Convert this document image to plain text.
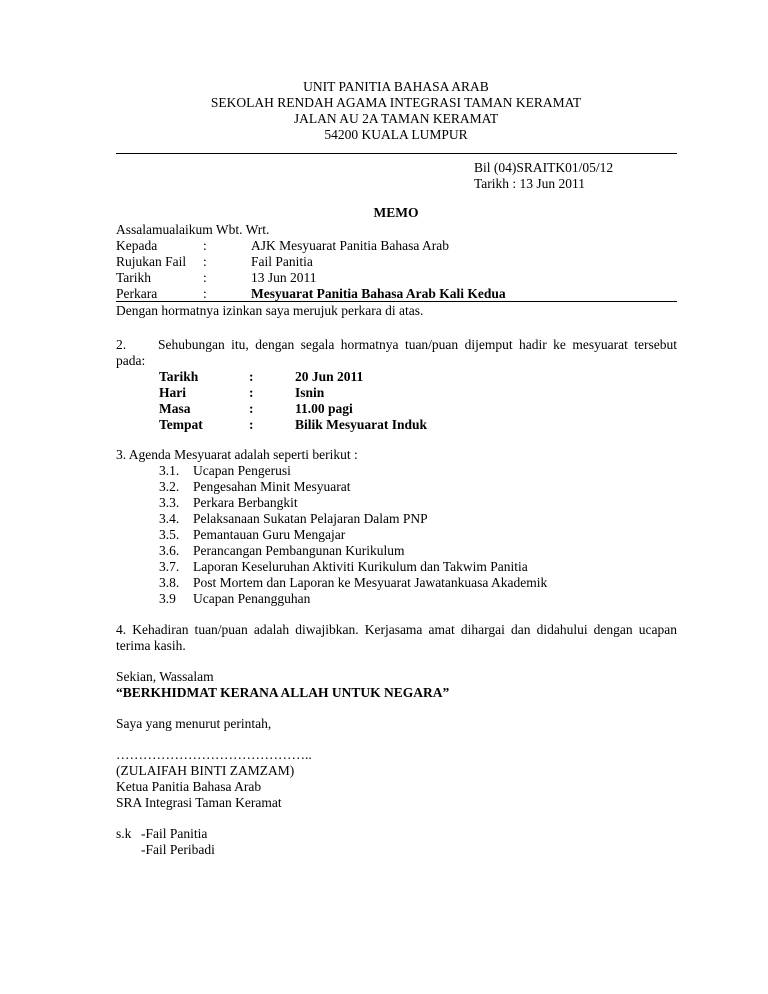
UNIT PANITIA BAHASA ARAB
SEKOLAH RENDAH AGAMA INTEGRASI TAMAN KERAMAT
JALAN AU 2A TAMAN KERAMAT
54200 KUALA LUMPUR
Bil (04)SRAITK01/05/12
Tarikh : 13 Jun 2011
MEMO
Assalamualaikum Wbt. Wrt.
Kepada	:	AJK Mesyuarat Panitia Bahasa Arab
Rujukan Fail :	Fail Panitia
Tarikh	:	13 Jun 2011
Perkara	:	Mesyuarat Panitia Bahasa Arab Kali Kedua
Dengan hormatnya izinkan saya merujuk perkara di atas.
2. Sehubungan itu, dengan segala hormatnya tuan/puan dijemput hadir ke mesyuarat tersebut
pada:
Tarikh	:	20 Jun 2011
Hari	:	Isnin
Masa	:	11.00 pagi
Tempat	:	Bilik Mesyuarat Induk
3. Agenda Mesyuarat adalah seperti berikut :
3.1. Ucapan Pengerusi
3.2. Pengesahan Minit Mesyuarat
3.3. Perkara Berbangkit
3.4. Pelaksanaan Sukatan Pelajaran Dalam PNP
3.5. Pemantauan Guru Mengajar
3.6. Perancangan Pembangunan Kurikulum
3.7. Laporan Keseluruhan Aktiviti Kurikulum dan Takwim Panitia
3.8. Post Mortem dan Laporan ke Mesyuarat Jawatankuasa Akademik
3.9 Ucapan Penangguhan
4. Kehadiran tuan/puan adalah diwajibkan. Kerjasama amat dihargai dan didahului dengan ucapan
terima kasih.
Sekian, Wassalam
“BERKHIDMAT KERANA ALLAH UNTUK NEGARA”
Saya yang menurut perintah,
……………………………………..
(ZULAIFAH BINTI ZAMZAM)
Ketua Panitia Bahasa Arab
SRA Integrasi Taman Keramat
s.k -Fail Panitia
-Fail Peribadi
